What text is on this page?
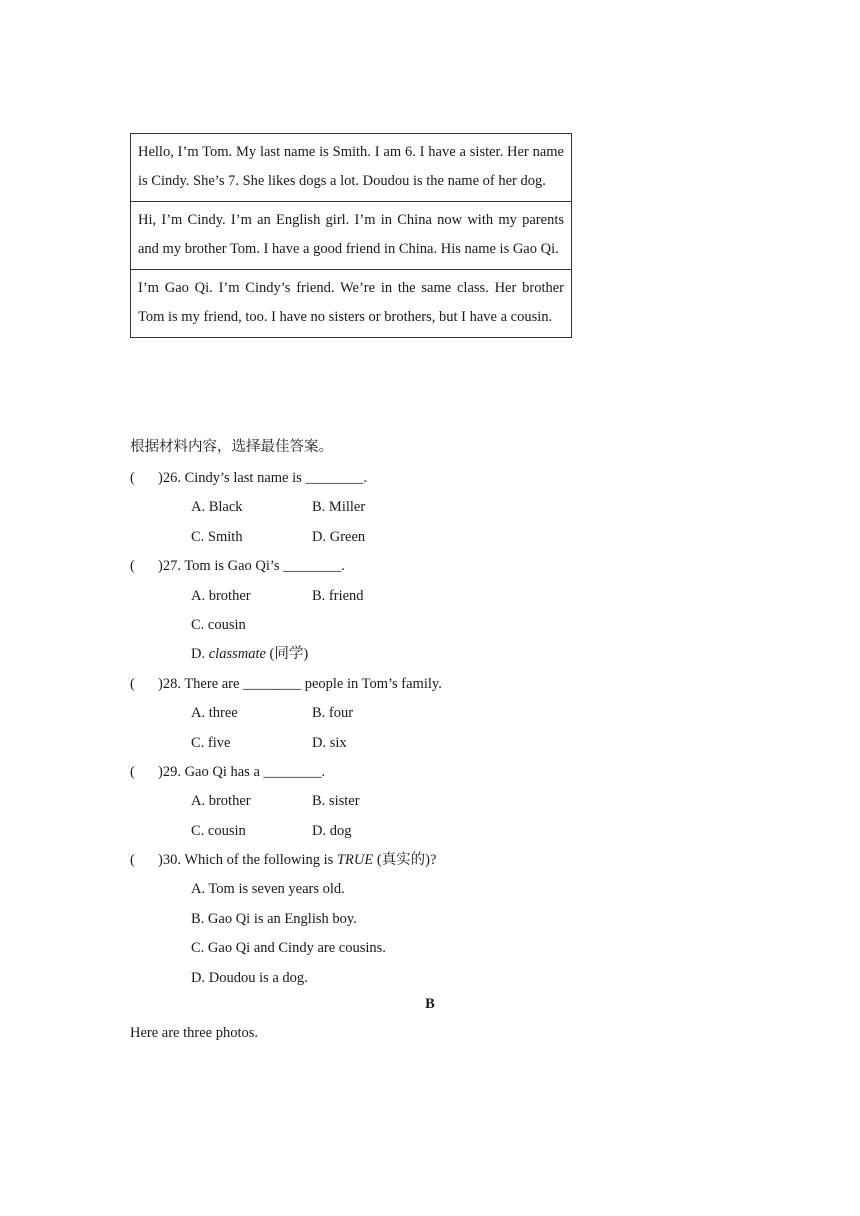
Hello, I’m Tom. My last name is Smith. I am 6. I have a sister. Her name is Cindy. She’s 7. She likes dogs a lot. Doudou is the name of her dog.
Hi, I’m Cindy. I’m an English girl. I’m in China now with my parents and my brother Tom. I have a good friend in China. His name is Gao Qi.
I’m Gao Qi. I’m Cindy’s friend. We’re in the same class. Her brother Tom is my friend, too. I have no sisters or brothers, but I have a cousin.
根据材料内容，选择最佳答案。
( )26. Cindy’s last name is ________.
A. Black	B. Miller
C. Smith	D. Green
( )27. Tom is Gao Qi’s ________.
A. brother	B. friend
C. cousin
D. classmate (同学)
( )28. There are ________ people in Tom’s family.
A. three	B. four
C. five	D. six
( )29. Gao Qi has a ________.
A. brother	B. sister
C. cousin	D. dog
( )30. Which of the following is TRUE (真实的)?
A. Tom is seven years old.
B. Gao Qi is an English boy.
C. Gao Qi and Cindy are cousins.
D. Doudou is a dog.
B
Here are three photos.
